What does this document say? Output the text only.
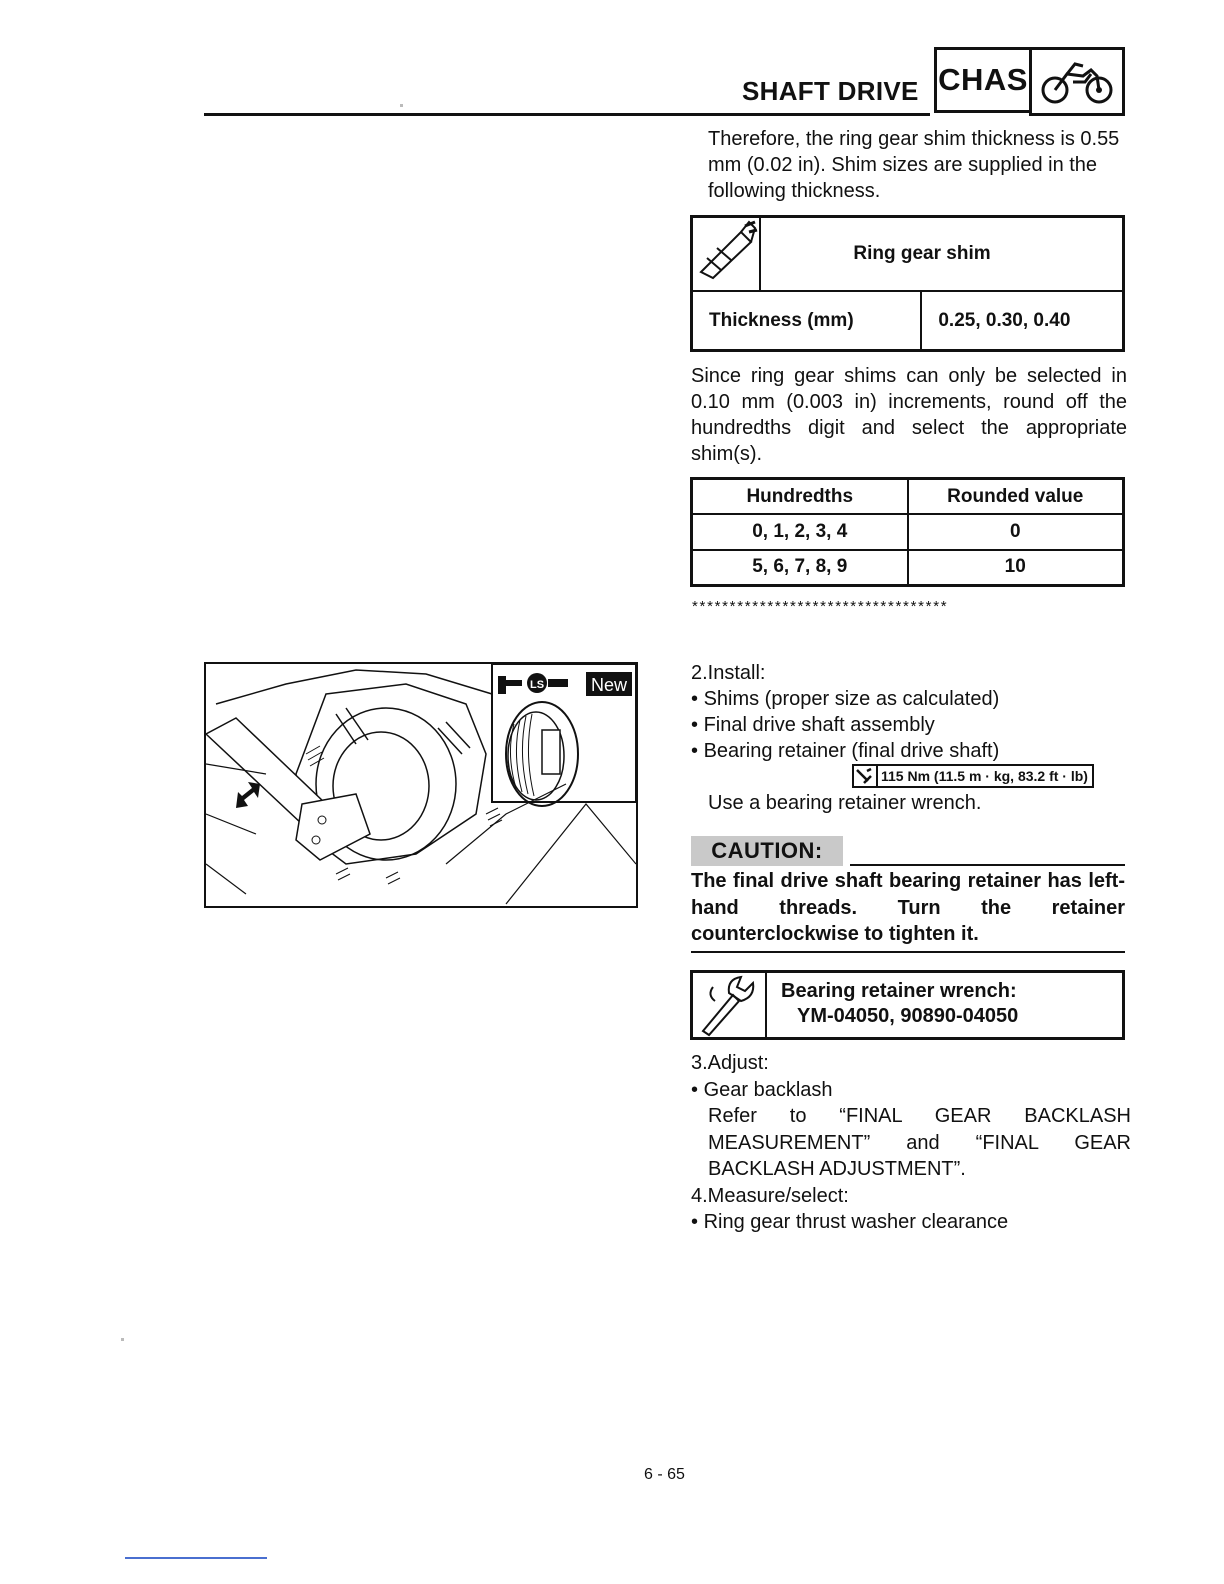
SHAFT DRIVE CHAS
Therefore, the ring gear shim thickness is 0.55 mm (0.02 in). Shim sizes are supplied in the following thickness.
	Ring gear shim	
Thickness (mm)		0.25, 0.30, 0.40
Since ring gear shims can only be selected in 0.10 mm (0.003 in) increments, round off the hundredths digit and select the appropriate shim(s).
Hundredths	Rounded value
0, 1, 2, 3, 4	0
5, 6, 7, 8, 9	10
**********************************
LS	New
2.Install:
• Shims (proper size as calculated)
• Final drive shaft assembly
• Bearing retainer (final drive shaft)
Use a bearing retainer wrench.
115 Nm (11.5 m · kg, 83.2 ft · lb)
CAUTION:
The final drive shaft bearing retainer has left-hand threads. Turn the retainer counterclockwise to tighten it.
Bearing retainer wrench:
YM-04050, 90890-04050
3.Adjust:
• Gear backlash
Refer to “FINAL GEAR BACKLASH MEASUREMENT” and “FINAL GEAR BACKLASH ADJUSTMENT”.
4.Measure/select:
• Ring gear thrust washer clearance
6 - 65
